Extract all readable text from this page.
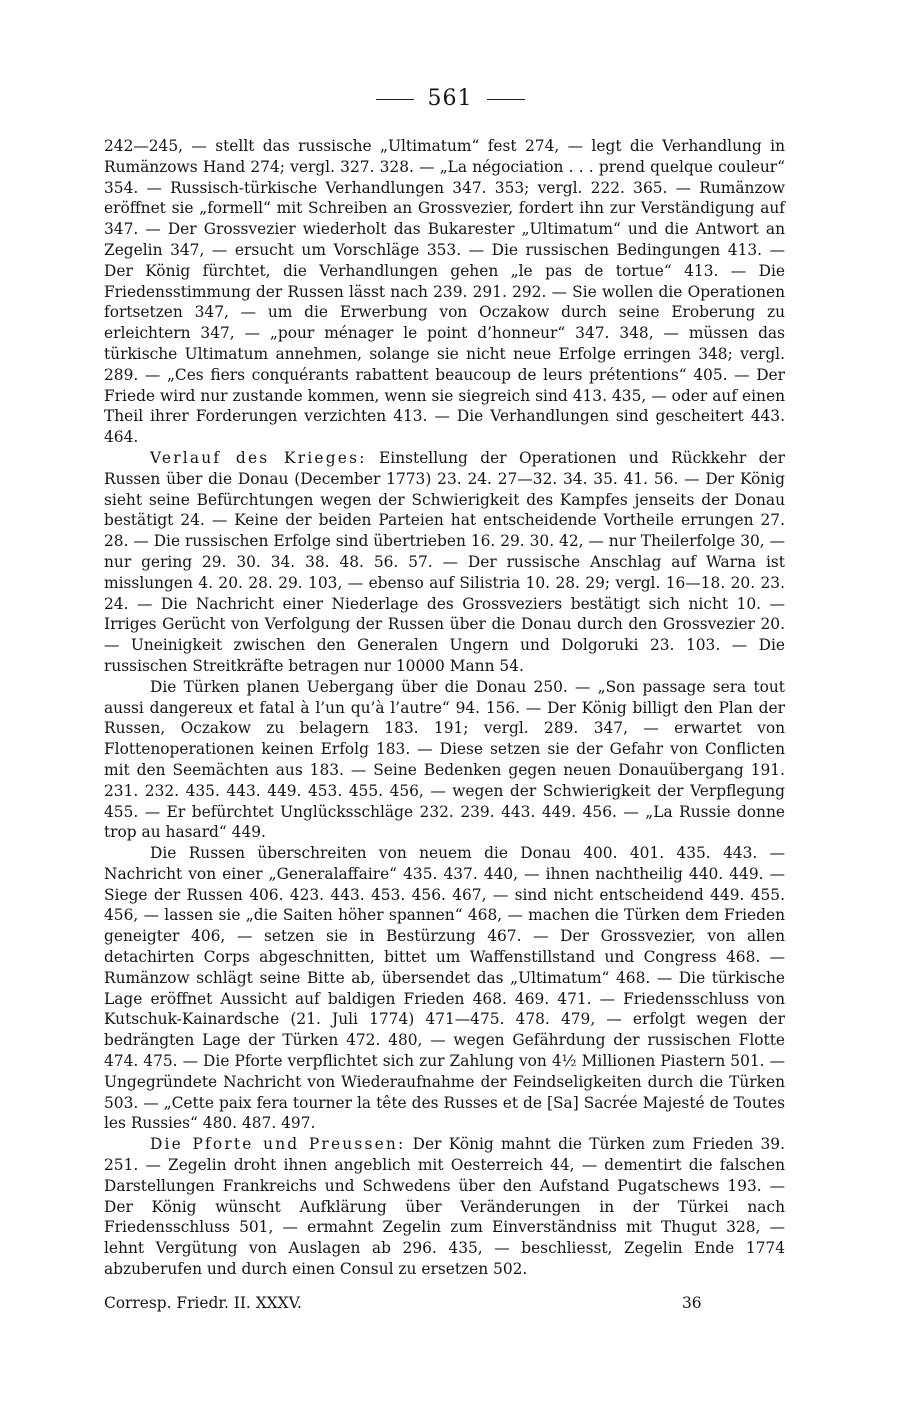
561

242—245, — stellt das russische „Ultimatum“ fest 274, — legt die Verhandlung in Rumänzows Hand 274; vergl. 327. 328. — „La négociation . . . prend quelque couleur“ 354. — Russisch-türkische Verhandlungen 347. 353; vergl. 222. 365. — Rumänzow eröffnet sie „formell“ mit Schreiben an Grossvezier, fordert ihn zur Verständigung auf 347. — Der Grossvezier wiederholt das Bukarester „Ultimatum“ und die Antwort an Zegelin 347, — ersucht um Vorschläge 353. — Die russischen Bedingungen 413. — Der König fürchtet, die Verhandlungen gehen „le pas de tortue“ 413. — Die Friedensstimmung der Russen lässt nach 239. 291. 292. — Sie wollen die Operationen fortsetzen 347, — um die Erwerbung von Oczakow durch seine Eroberung zu erleichtern 347, — „pour ménager le point d’honneur“ 347. 348, — müssen das türkische Ultimatum annehmen, solange sie nicht neue Erfolge erringen 348; vergl. 289. — „Ces fiers conquérants rabattent beaucoup de leurs prétentions“ 405. — Der Friede wird nur zustande kommen, wenn sie siegreich sind 413. 435, — oder auf einen Theil ihrer Forderungen verzichten 413. — Die Verhandlungen sind gescheitert 443. 464.

Verlauf des Krieges: Einstellung der Operationen und Rückkehr der Russen über die Donau (December 1773) 23. 24. 27—32. 34. 35. 41. 56. — Der König sieht seine Befürchtungen wegen der Schwierigkeit des Kampfes jenseits der Donau bestätigt 24. — Keine der beiden Parteien hat entscheidende Vortheile errungen 27. 28. — Die russischen Erfolge sind übertrieben 16. 29. 30. 42, — nur Theilerfolge 30, — nur gering 29. 30. 34. 38. 48. 56. 57. — Der russische Anschlag auf Warna ist misslungen 4. 20. 28. 29. 103, — ebenso auf Silistria 10. 28. 29; vergl. 16—18. 20. 23. 24. — Die Nachricht einer Niederlage des Grossveziers bestätigt sich nicht 10. — Irriges Gerücht von Verfolgung der Russen über die Donau durch den Grossvezier 20. — Uneinigkeit zwischen den Generalen Ungern und Dolgoruki 23. 103. — Die russischen Streitkräfte betragen nur 10000 Mann 54.

Die Türken planen Uebergang über die Donau 250. — „Son passage sera tout aussi dangereux et fatal à l’un qu’à l’autre“ 94. 156. — Der König billigt den Plan der Russen, Oczakow zu belagern 183. 191; vergl. 289. 347, — erwartet von Flottenoperationen keinen Erfolg 183. — Diese setzen sie der Gefahr von Conflicten mit den Seemächten aus 183. — Seine Bedenken gegen neuen Donauübergang 191. 231. 232. 435. 443. 449. 453. 455. 456, — wegen der Schwierigkeit der Verpflegung 455. — Er befürchtet Unglücksschläge 232. 239. 443. 449. 456. — „La Russie donne trop au hasard“ 449.

Die Russen überschreiten von neuem die Donau 400. 401. 435. 443. — Nachricht von einer „Generalaffaire“ 435. 437. 440, — ihnen nachtheilig 440. 449. — Siege der Russen 406. 423. 443. 453. 456. 467, — sind nicht entscheidend 449. 455. 456, — lassen sie „die Saiten höher spannen“ 468, — machen die Türken dem Frieden geneigter 406, — setzen sie in Bestürzung 467. — Der Grossvezier, von allen detachirten Corps abgeschnitten, bittet um Waffenstillstand und Congress 468. — Rumänzow schlägt seine Bitte ab, übersendet das „Ultimatum“ 468. — Die türkische Lage eröffnet Aussicht auf baldigen Frieden 468. 469. 471. — Friedensschluss von Kutschuk-Kainardsche (21. Juli 1774) 471—475. 478. 479, — erfolgt wegen der bedrängten Lage der Türken 472. 480, — wegen Gefährdung der russischen Flotte 474. 475. — Die Pforte verpflichtet sich zur Zahlung von 4½ Millionen Piastern 501. — Ungegründete Nachricht von Wiederaufnahme der Feindseligkeiten durch die Türken 503. — „Cette paix fera tourner la tête des Russes et de [Sa] Sacrée Majesté de Toutes les Russies“ 480. 487. 497.

Die Pforte und Preussen: Der König mahnt die Türken zum Frieden 39. 251. — Zegelin droht ihnen angeblich mit Oesterreich 44, — dementirt die falschen Darstellungen Frankreichs und Schwedens über den Aufstand Pugatschews 193. — Der König wünscht Aufklärung über Veränderungen in der Türkei nach Friedensschluss 501, — ermahnt Zegelin zum Einverständniss mit Thugut 328, — lehnt Vergütung von Auslagen ab 296. 435, — beschliesst, Zegelin Ende 1774 abzuberufen und durch einen Consul zu ersetzen 502.

Corresp. Friedr. II. XXXV.	36
